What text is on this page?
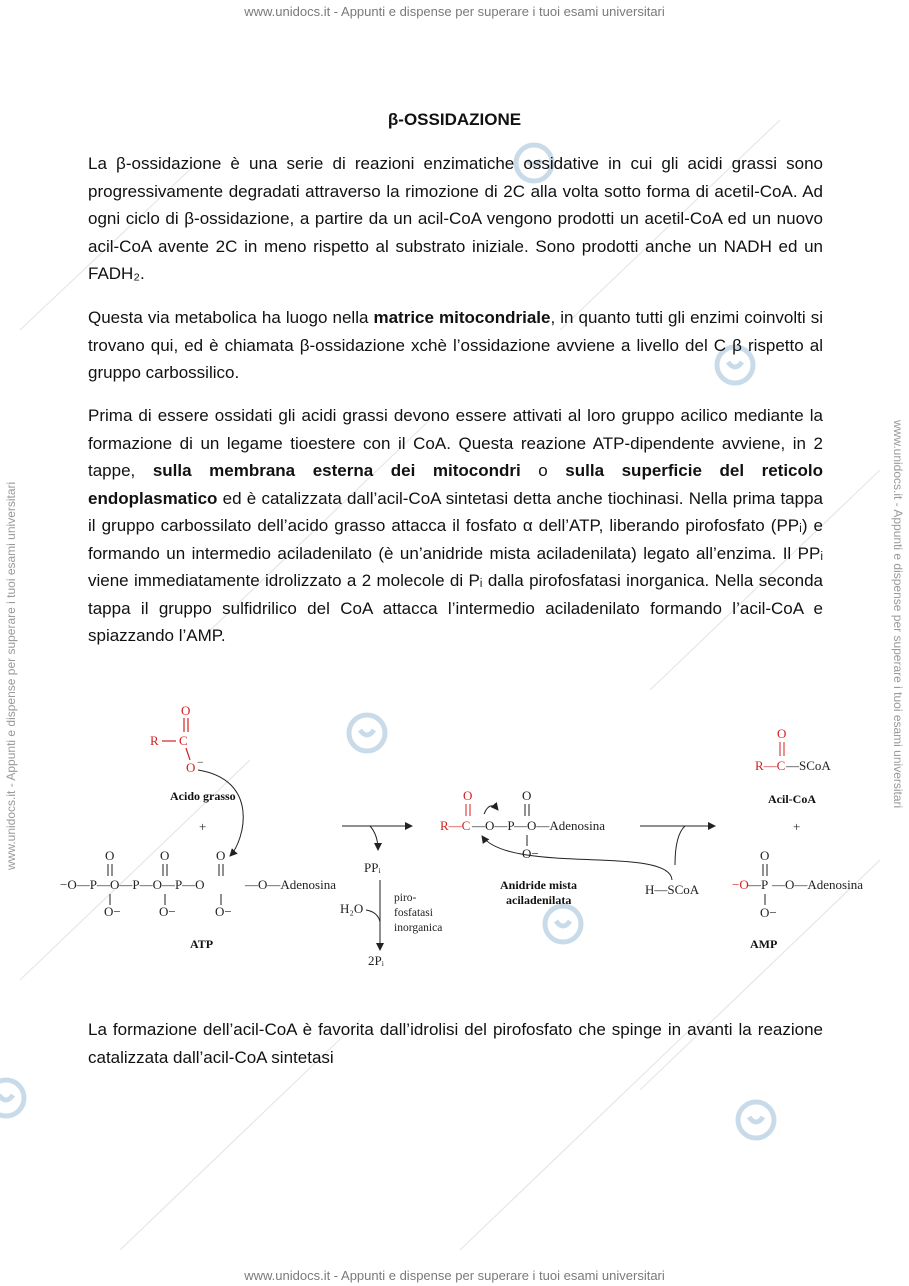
www.unidocs.it - Appunti e dispense per superare i tuoi esami universitari
www.unidocs.it - Appunti e dispense per superare i tuoi esami universitari	www.unidocs.it - Appunti e dispense per superare i tuoi esami universitari
β-OSSIDAZIONE

La β-ossidazione è una serie di reazioni enzimatiche ossidative in cui gli acidi grassi sono progressivamente degradati attraverso la rimozione di 2C alla volta sotto forma di acetil-CoA. Ad ogni ciclo di β-ossidazione, a partire da un acil-CoA vengono prodotti un acetil-CoA ed un nuovo acil-CoA avente 2C in meno rispetto al substrato iniziale. Sono prodotti anche un NADH ed un FADH₂.

Questa via metabolica ha luogo nella matrice mitocondriale, in quanto tutti gli enzimi coinvolti si trovano qui, ed è chiamata β-ossidazione xchè l’ossidazione avviene a livello del C β rispetto al gruppo carbossilico.

Prima di essere ossidati gli acidi grassi devono essere attivati al loro gruppo acilico mediante la formazione di un legame tioestere con il CoA. Questa reazione ATP-dipendente avviene, in 2 tappe, sulla membrana esterna dei mitocondri o sulla superficie del reticolo endoplasmatico ed è catalizzata dall’acil-CoA sintetasi detta anche tiochinasi. Nella prima tappa il gruppo carbossilato dell’acido grasso attacca il fosfato α dell’ATP, liberando pirofosfato (PPᵢ) e formando un intermedio aciladenilato (è un’anidride mista aciladenilata) legato all’enzima. Il PPᵢ viene immediatamente idrolizzato a 2 molecole di Pᵢ dalla pirofosfatasi inorganica. Nella seconda tappa il gruppo sulfidrilico del CoA attacca l’intermedio aciladenilato formando l’acil-CoA e spiazzando l’AMP.

R C
O
O −
Acido grasso
+
−O—P—O—P—O—P—O	—O—Adenosina
O	O	O
O−	O−	O−
ATP
PPᵢ
H₂O
piro-
fosfatasi
inorganica
2Pᵢ
R—C —O—P —O—Adenosina
O	O
O−
Anidride mista
aciladenilata
H—SCoA
R—C —SCoA
O
Acil-CoA
+
−O —P —O—Adenosina
O
O−
AMP

La formazione dell’acil-CoA è favorita dall’idrolisi del pirofosfato che spinge in avanti la reazione catalizzata dall’acil-CoA sintetasi

www.unidocs.it - Appunti e dispense per superare i tuoi esami universitari
